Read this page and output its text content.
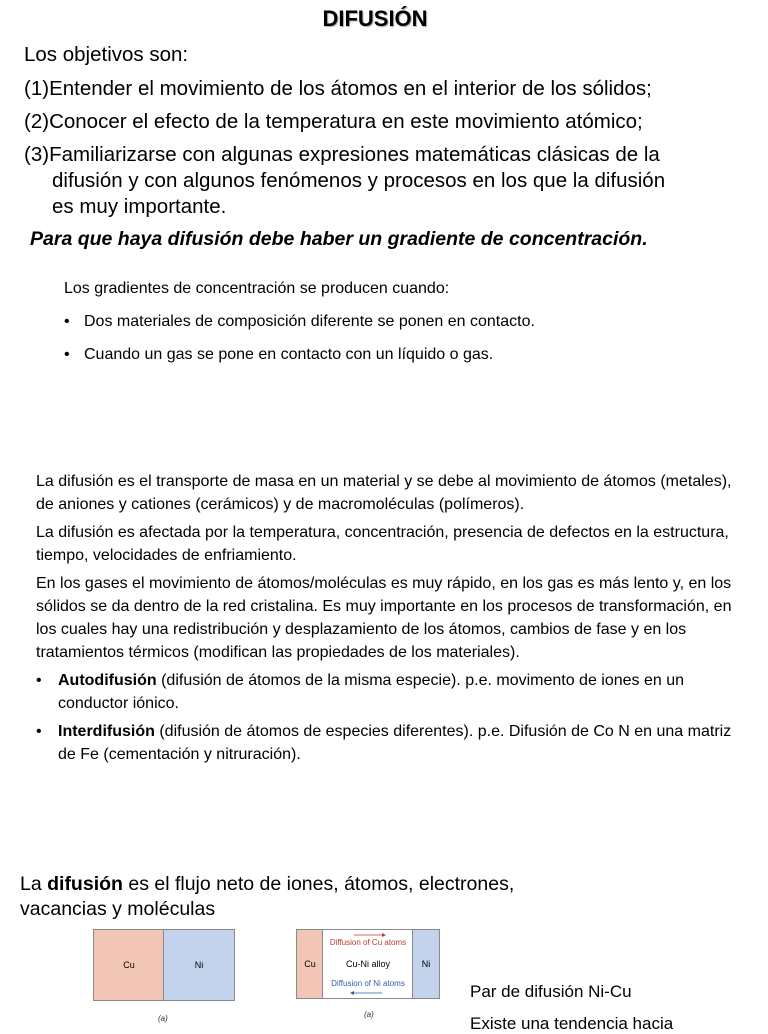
DIFUSIÓN
Los objetivos son:
(1) Entender el movimiento de los átomos en el interior de los sólidos;
(2) Conocer el efecto de la temperatura en este movimiento atómico;
(3) Familiarizarse con algunas expresiones matemáticas clásicas de la
difusión y con algunos fenómenos y procesos en los que la difusión
es muy importante.
Para que haya difusión debe haber un gradiente de concentración.
Los gradientes de concentración se producen cuando:
• Dos materiales de composición diferente se ponen en contacto.
• Cuando un gas se pone en contacto con un líquido o gas.

La difusión es el transporte de masa en un material y se debe al movimiento de átomos (metales), de aniones y cationes (cerámicos) y de macromoléculas (polímeros).

La difusión es afectada por la temperatura, concentración, presencia de defectos en la estructura, tiempo, velocidades de enfriamiento.

En los gases el movimiento de átomos/moléculas es muy rápido, en los gas es más lento y, en los sólidos se da dentro de la red cristalina. Es muy importante en los procesos de transformación, en los cuales hay una redistribución y desplazamiento de los átomos, cambios de fase y en los tratamientos térmicos (modifican las propiedades de los materiales).

• Autodifusión (difusión de átomos de la misma especie). p.e. movimento de iones en un conductor iónico.
• Interdifusión (difusión de átomos de especies diferentes). p.e. Difusión de Co N en una matriz de Fe (cementación y nitruración).
La difusión es el flujo neto de iones, átomos, electrones,
vacancias y moléculas
Cu	Ni
(a)
Cu
Diffusion of Cu atoms
Cu-Ni alloy
Diffusion of Ni atoms
Ni
(a)
Par de difusión Ni-Cu
Existe una tendencia hacia
